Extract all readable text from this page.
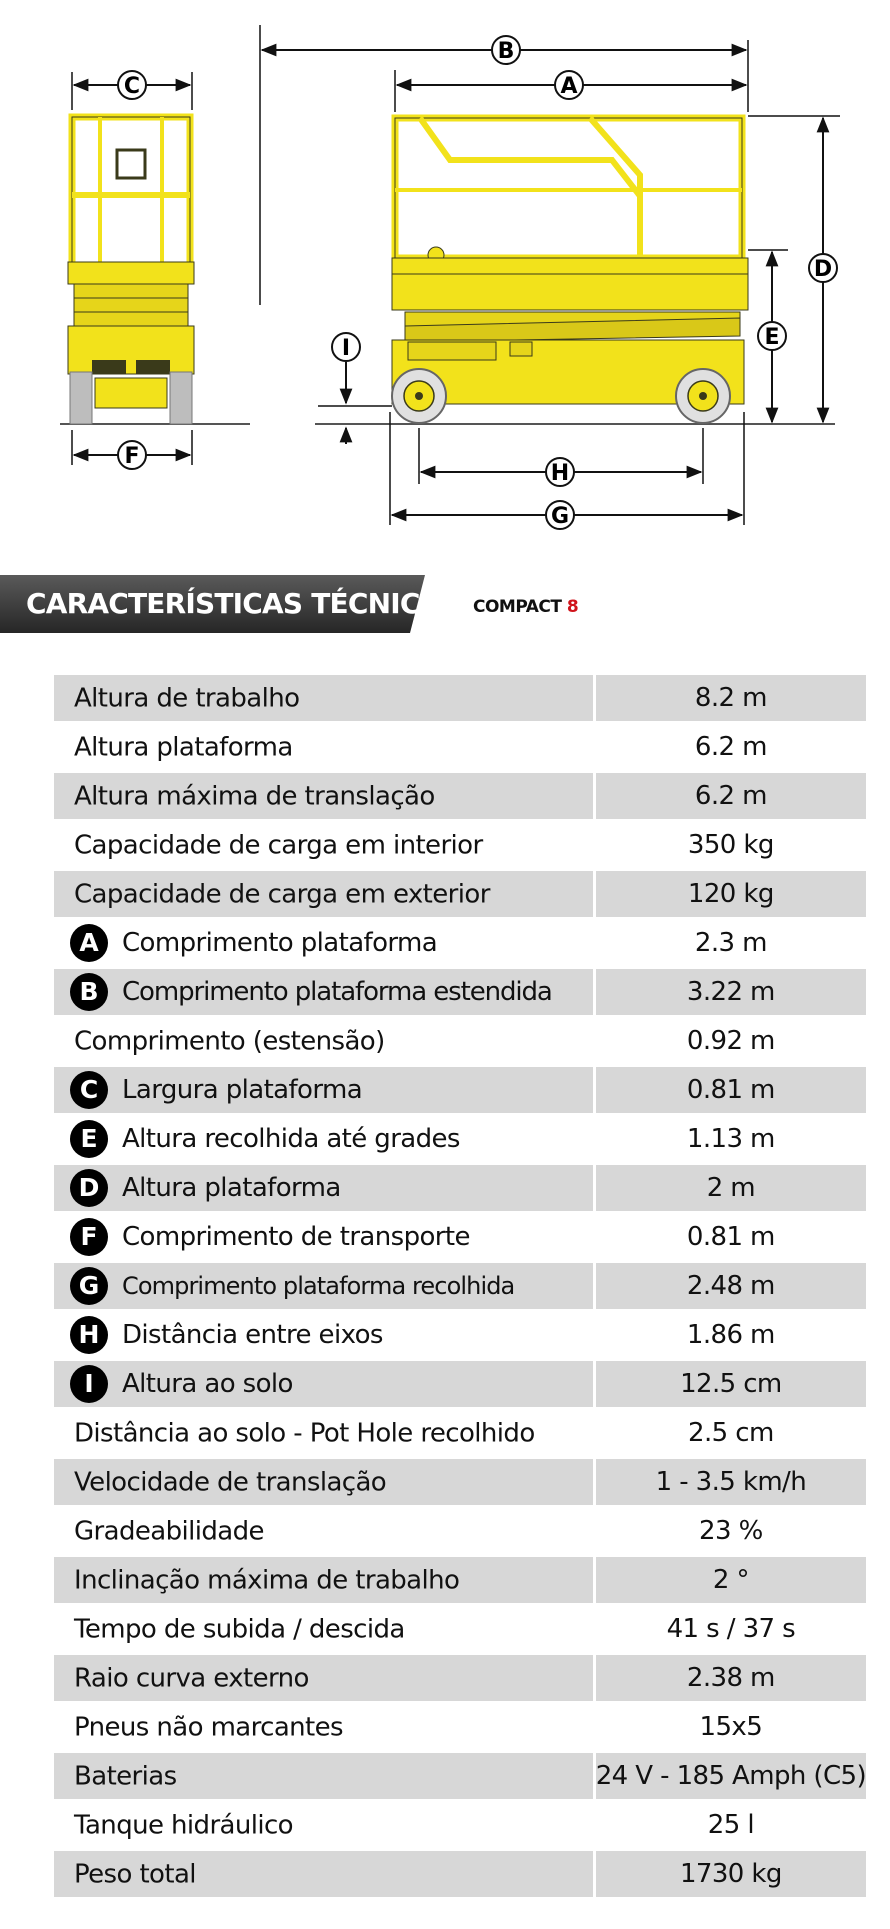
C
F
B
A
D
E
I
H
G
CARACTERÍSTICAS TÉCNICAS COMPACT 8
Altura de trabalho	8.2 m
Altura plataforma	6.2 m
Altura máxima de translação	6.2 m
Capacidade de carga em interior	350 kg
Capacidade de carga em exterior	120 kg
A Comprimento plataforma	2.3 m
B Comprimento plataforma estendida	3.22 m
Comprimento (estensão)	0.92 m
C Largura plataforma	0.81 m
E Altura recolhida até grades	1.13 m
D Altura plataforma	2 m
F Comprimento de transporte	0.81 m
G Comprimento plataforma recolhida	2.48 m
H Distância entre eixos	1.86 m
I Altura ao solo	12.5 cm
Distância ao solo - Pot Hole recolhido	2.5 cm
Velocidade de translação	1 - 3.5 km/h
Gradeabilidade	23 %
Inclinação máxima de trabalho	2 °
Tempo de subida / descida	41 s / 37 s
Raio curva externo	2.38 m
Pneus não marcantes	15x5
Baterias	24 V - 185 Amph (C5)
Tanque hidráulico	25 l
Peso total	1730 kg
